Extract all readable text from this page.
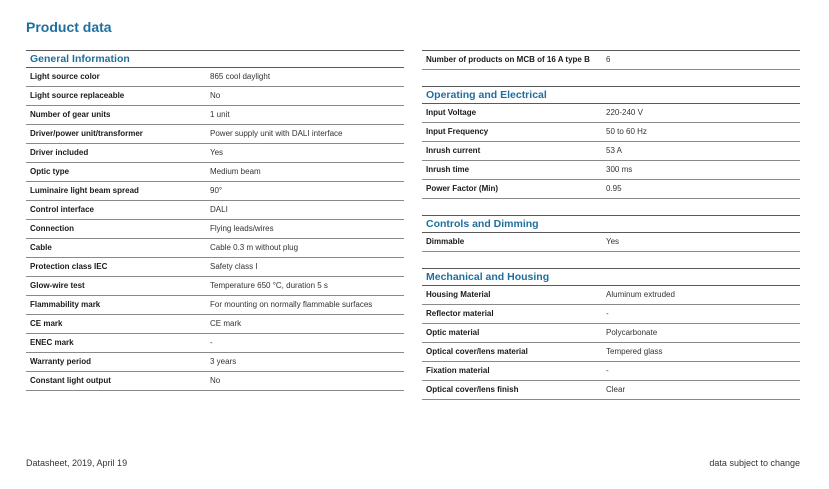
Product data
General Information
Light source color	865 cool daylight
Light source replaceable	No
Number of gear units	1 unit
Driver/power unit/transformer	Power supply unit with DALI interface
Driver included	Yes
Optic type	Medium beam
Luminaire light beam spread	90°
Control interface	DALI
Connection	Flying leads/wires
Cable	Cable 0.3 m without plug
Protection class IEC	Safety class I
Glow-wire test	Temperature 650 °C, duration 5 s
Flammability mark	For mounting on normally flammable surfaces
CE mark	CE mark
ENEC mark	-
Warranty period	3 years
Constant light output	No
Number of products on MCB of 16 A type B	6
Operating and Electrical
Input Voltage	220-240 V
Input Frequency	50 to 60 Hz
Inrush current	53 A
Inrush time	300 ms
Power Factor (Min)	0.95
Controls and Dimming
Dimmable	Yes
Mechanical and Housing
Housing Material	Aluminum extruded
Reflector material	-
Optic material	Polycarbonate
Optical cover/lens material	Tempered glass
Fixation material	-
Optical cover/lens finish	Clear
Datasheet, 2019, April 19	data subject to change
